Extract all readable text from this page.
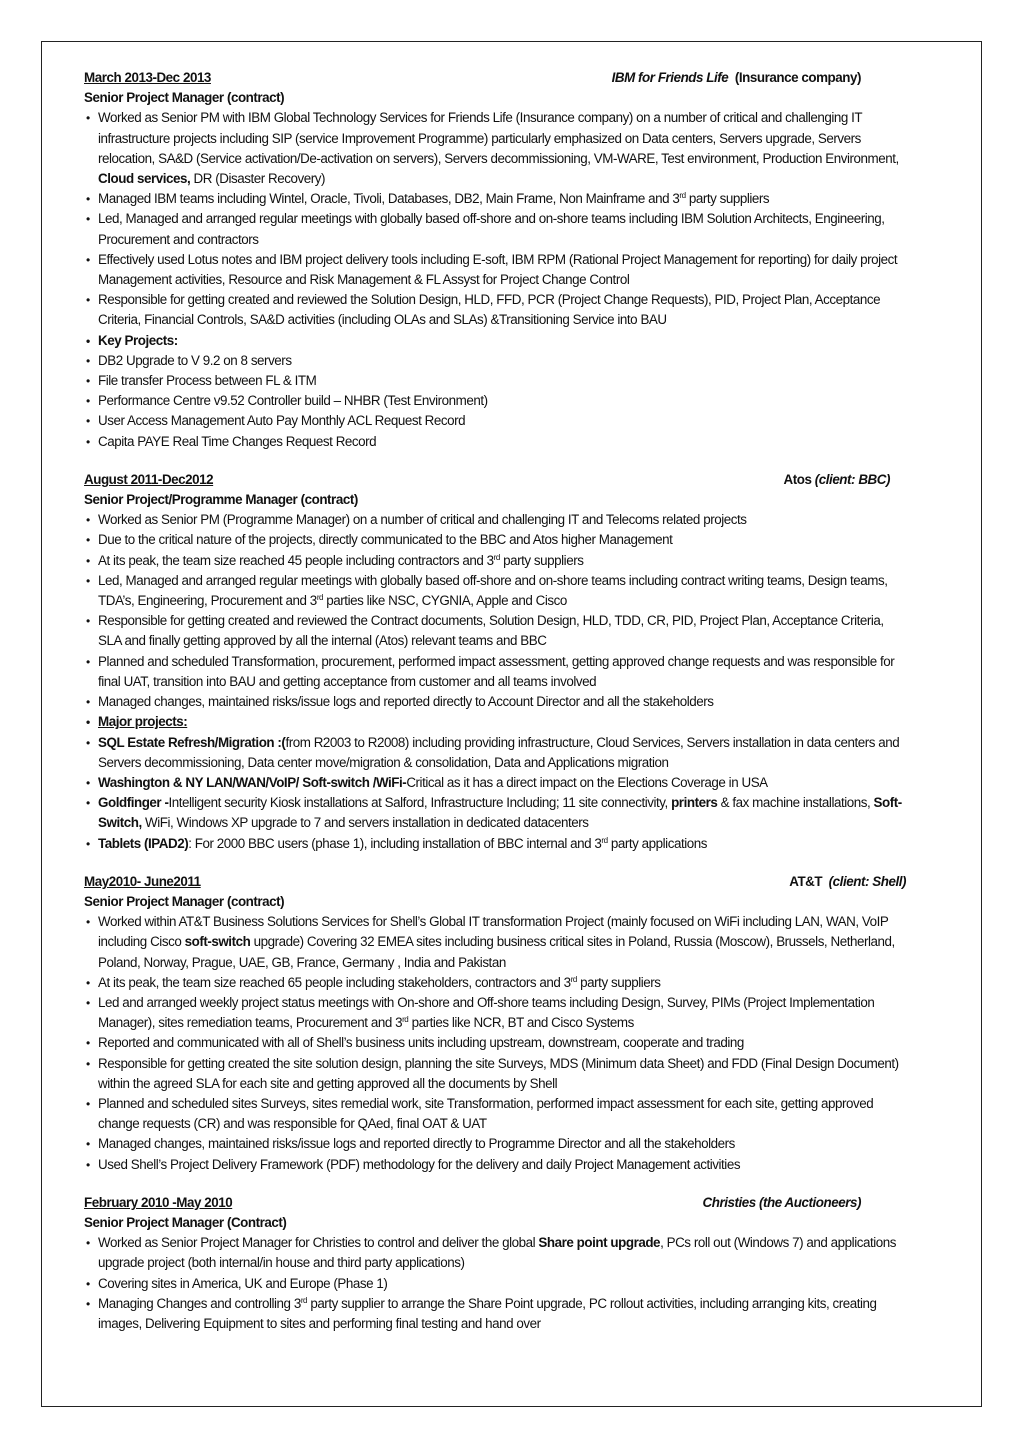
March 2013-Dec 2013	IBM for Friends Life (Insurance company)
Senior Project Manager (contract)
• Worked as Senior PM with IBM Global Technology Services for Friends Life (Insurance company) on a number of critical and challenging IT infrastructure projects including SIP (service Improvement Programme) particularly emphasized on Data centers, Servers upgrade, Servers relocation, SA&D (Service activation/De-activation on servers), Servers decommissioning, VM-WARE, Test environment, Production Environment, Cloud services, DR (Disaster Recovery)
• Managed IBM teams including Wintel, Oracle, Tivoli, Databases, DB2, Main Frame, Non Mainframe and 3rd party suppliers
• Led, Managed and arranged regular meetings with globally based off-shore and on-shore teams including IBM Solution Architects, Engineering, Procurement and contractors
• Effectively used Lotus notes and IBM project delivery tools including E-soft, IBM RPM (Rational Project Management for reporting) for daily project Management activities, Resource and Risk Management & FL Assyst for Project Change Control
• Responsible for getting created and reviewed the Solution Design, HLD, FFD, PCR (Project Change Requests), PID, Project Plan, Acceptance Criteria, Financial Controls, SA&D activities (including OLAs and SLAs) &Transitioning Service into BAU
• Key Projects:
• DB2 Upgrade to V 9.2 on 8 servers
• File transfer Process between FL & ITM
• Performance Centre v9.52 Controller build – NHBR (Test Environment)
• User Access Management Auto Pay Monthly ACL Request Record
• Capita PAYE Real Time Changes Request Record
August 2011-Dec2012	Atos (client: BBC)
Senior Project/Programme Manager (contract)
• Worked as Senior PM (Programme Manager) on a number of critical and challenging IT and Telecoms related projects
• Due to the critical nature of the projects, directly communicated to the BBC and Atos higher Management
• At its peak, the team size reached 45 people including contractors and 3rd party suppliers
• Led, Managed and arranged regular meetings with globally based off-shore and on-shore teams including contract writing teams, Design teams, TDA’s, Engineering, Procurement and 3rd parties like NSC, CYGNIA, Apple and Cisco
• Responsible for getting created and reviewed the Contract documents, Solution Design, HLD, TDD, CR, PID, Project Plan, Acceptance Criteria, SLA and finally getting approved by all the internal (Atos) relevant teams and BBC
• Planned and scheduled Transformation, procurement, performed impact assessment, getting approved change requests and was responsible for final UAT, transition into BAU and getting acceptance from customer and all teams involved
• Managed changes, maintained risks/issue logs and reported directly to Account Director and all the stakeholders
• Major projects:
• SQL Estate Refresh/Migration :(from R2003 to R2008) including providing infrastructure, Cloud Services, Servers installation in data centers and Servers decommissioning, Data center move/migration & consolidation, Data and Applications migration
• Washington & NY LAN/WAN/VoIP/ Soft-switch /WiFi-Critical as it has a direct impact on the Elections Coverage in USA
• Goldfinger -Intelligent security Kiosk installations at Salford, Infrastructure Including; 11 site connectivity, printers & fax machine installations, Soft-Switch, WiFi, Windows XP upgrade to 7 and servers installation in dedicated datacenters
• Tablets (IPAD2): For 2000 BBC users (phase 1), including installation of BBC internal and 3rd party applications
May2010- June2011	AT&T (client: Shell)
Senior Project Manager (contract)
• Worked within AT&T Business Solutions Services for Shell’s Global IT transformation Project (mainly focused on WiFi including LAN, WAN, VoIP including Cisco soft-switch upgrade) Covering 32 EMEA sites including business critical sites in Poland, Russia (Moscow), Brussels, Netherland, Poland, Norway, Prague, UAE, GB, France, Germany , India and Pakistan
• At its peak, the team size reached 65 people including stakeholders, contractors and 3rd party suppliers
• Led and arranged weekly project status meetings with On-shore and Off-shore teams including Design, Survey, PIMs (Project Implementation Manager), sites remediation teams, Procurement and 3rd parties like NCR, BT and Cisco Systems
• Reported and communicated with all of Shell’s business units including upstream, downstream, cooperate and trading
• Responsible for getting created the site solution design, planning the site Surveys, MDS (Minimum data Sheet) and FDD (Final Design Document) within the agreed SLA for each site and getting approved all the documents by Shell
• Planned and scheduled sites Surveys, sites remedial work, site Transformation, performed impact assessment for each site, getting approved change requests (CR) and was responsible for QAed, final OAT & UAT
• Managed changes, maintained risks/issue logs and reported directly to Programme Director and all the stakeholders
• Used Shell’s Project Delivery Framework (PDF) methodology for the delivery and daily Project Management activities
February 2010 -May 2010	Christies (the Auctioneers)
Senior Project Manager (Contract)
• Worked as Senior Project Manager for Christies to control and deliver the global Share point upgrade, PCs roll out (Windows 7) and applications upgrade project (both internal/in house and third party applications)
• Covering sites in America, UK and Europe (Phase 1)
• Managing Changes and controlling 3rd party supplier to arrange the Share Point upgrade, PC rollout activities, including arranging kits, creating images, Delivering Equipment to sites and performing final testing and hand over
